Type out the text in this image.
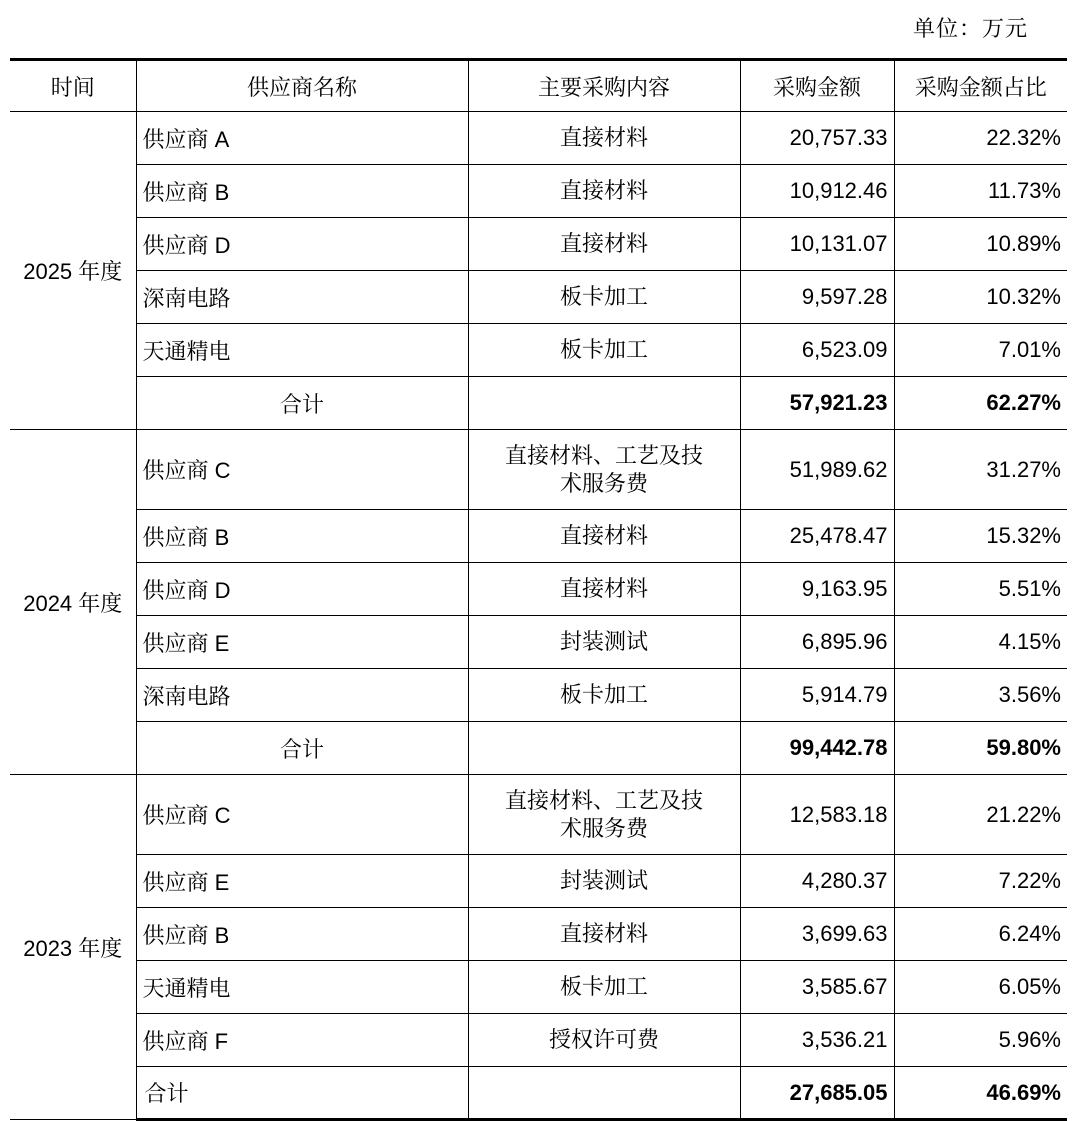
单位：万元
时间	供应商名称	主要采购内容	采购金额	采购金额占比
2025 年度	供应商 A	直接材料	20,757.33	22.32%
	供应商 B	直接材料	10,912.46	11.73%
	供应商 D	直接材料	10,131.07	10.89%
	深南电路	板卡加工	9,597.28	10.32%
	天通精电	板卡加工	6,523.09	7.01%
	合计		57,921.23	62.27%
2024 年度	供应商 C	直接材料、工艺及技术服务费	51,989.62	31.27%
	供应商 B	直接材料	25,478.47	15.32%
	供应商 D	直接材料	9,163.95	5.51%
	供应商 E	封装测试	6,895.96	4.15%
	深南电路	板卡加工	5,914.79	3.56%
	合计		99,442.78	59.80%
2023 年度	供应商 C	直接材料、工艺及技术服务费	12,583.18	21.22%
	供应商 E	封装测试	4,280.37	7.22%
	供应商 B	直接材料	3,699.63	6.24%
	天通精电	板卡加工	3,585.67	6.05%
	供应商 F	授权许可费	3,536.21	5.96%
	合计		27,685.05	46.69%
